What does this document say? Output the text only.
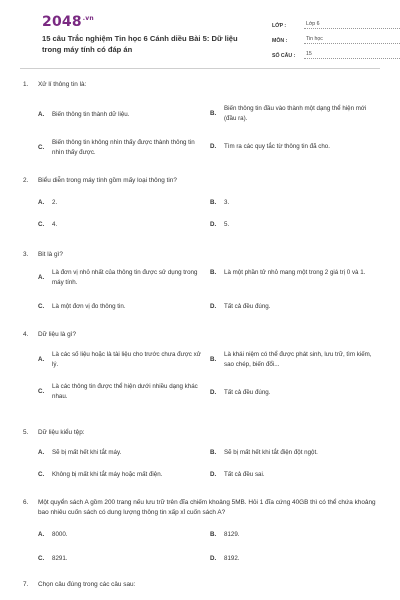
$2048^{.vn}$
15 câu Trắc nghiệm Tin học 6 Cánh diều Bài 5: Dữ liệu trong máy tính có đáp án
LỚP :	Lớp 6
MÔN :	Tin học
SỐ CÂU :	15
1.	Xử lí thông tin là:
A.	Biến thông tin thành dữ liệu.	B.
Biến thông tin đầu vào thành một dạng thể hiện mới (đầu ra).
C.
Biến thông tin không nhìn thấy được thành thông tin nhìn thấy được.
D.	Tìm ra các quy tắc từ thông tin đã cho.
2.	Biểu diễn trong máy tính gồm mấy loại thông tin?
A.	2.	B.	3.
C.	4.	D.	5.
3.	Bit là gì?
A.
Là đơn vị nhỏ nhất của thông tin được sử dụng trong máy tính.
B.	Là một phần tử nhỏ mang một trong 2 giá trị 0 và 1.
C.	Là một đơn vị đo thông tin.	D.	Tất cả đều đúng.
4.	Dữ liệu là gì?
A.
Là các số liệu hoặc là tài liệu cho trước chưa được xử lý.
B.
Là khái niệm có thể được phát sinh, lưu trữ, tìm kiếm, sao chép, biến đổi...
C.
Là các thông tin được thể hiện dưới nhiều dạng khác nhau.
D.	Tất cả đều đúng.
5.	Dữ liệu kiểu tệp:
A.	Sẽ bị mất hết khi tắt máy.	B.	Sẽ bị mất hết khi tắt điện đột ngột.
C.	Không bị mất khi tắt máy hoặc mất điện.	D.	Tất cả đều sai.
6.	Một quyển sách A gồm 200 trang nếu lưu trữ trên đĩa chiếm khoảng 5MB. Hỏi 1 đĩa cứng 40GB thì có thể chứa khoảng bao nhiêu cuốn sách có dung lượng thông tin xấp xỉ cuốn sách A?
A.	8000.	B.	8129.
C.	8291.	D.	8192.
7.	Chọn câu đúng trong các câu sau:
